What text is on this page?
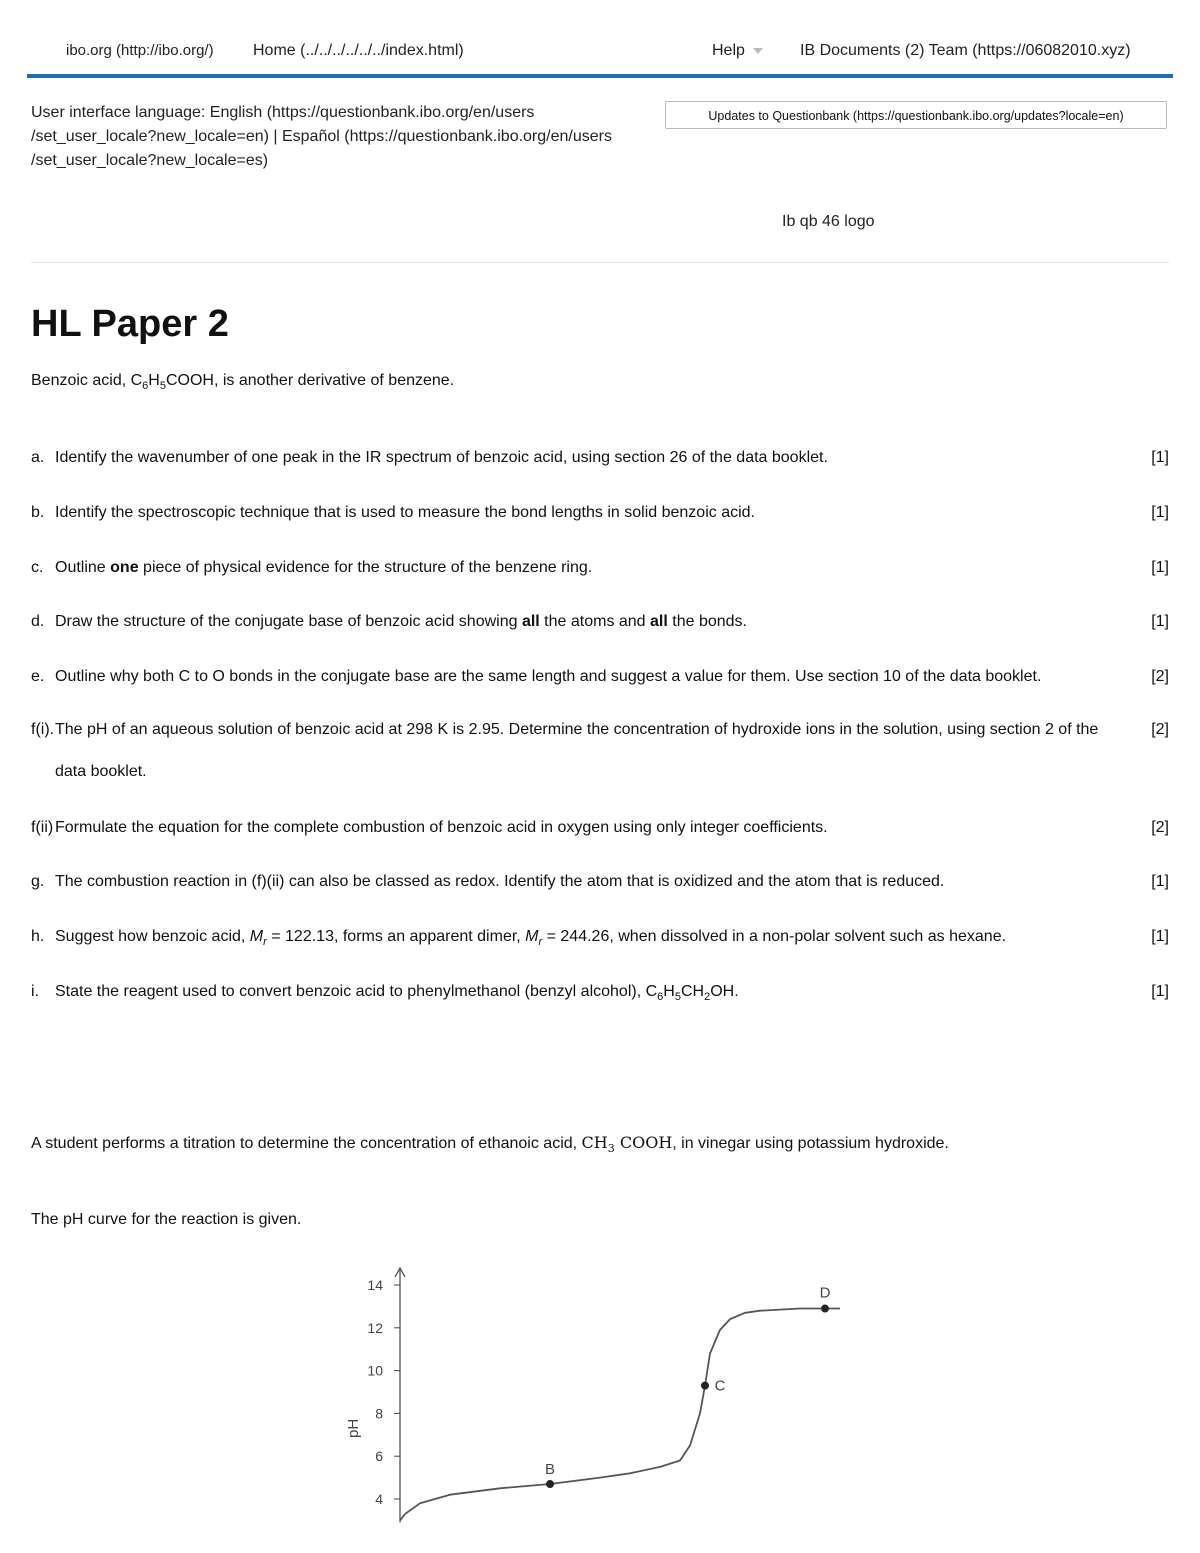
ibo.org (http://ibo.org/) Home (../../../../../../index.html)	Help	IB Documents (2) Team (https://06082010.xyz)
User interface language: English (https://questionbank.ibo.org/en/users
/set_user_locale?new_locale=en) | Español (https://questionbank.ibo.org/en/users
/set_user_locale?new_locale=es)
Updates to Questionbank (https://questionbank.ibo.org/updates?locale=en)
Ib qb 46 logo
HL Paper 2
Benzoic acid, $C_6H_5COOH$, is another derivative of benzene.
a. Identify the wavenumber of one peak in the IR spectrum of benzoic acid, using section 26 of the data booklet.	[1]
b. Identify the spectroscopic technique that is used to measure the bond lengths in solid benzoic acid.	[1]
c. Outline one piece of physical evidence for the structure of the benzene ring.	[1]
d. Draw the structure of the conjugate base of benzoic acid showing all the atoms and all the bonds.	[1]
e. Outline why both C to O bonds in the conjugate base are the same length and suggest a value for them. Use section 10 of the data booklet.	[2]
f(i). The pH of an aqueous solution of benzoic acid at 298 K is 2.95. Determine the concentration of hydroxide ions in the solution, using section 2 of the data booklet.
[2]
f(ii) Formulate the equation for the complete combustion of benzoic acid in oxygen using only integer coefficients.	[2]
g. The combustion reaction in (f)(ii) can also be classed as redox. Identify the atom that is oxidized and the atom that is reduced.	[1]
h. Suggest how benzoic acid, $M_r = 122.13$, forms an apparent dimer, $M_r = 244.26$, when dissolved in a non-polar solvent such as hexane.	[1]
i. State the reagent used to convert benzoic acid to phenylmethanol (benzyl alcohol), $C_6H_5CH_2OH$.	[1]
A student performs a titration to determine the concentration of ethanoic acid, $CH_3$ COOH, in vinegar using potassium hydroxide.
The pH curve for the reaction is given.
4
6
8
10
12
14
pH
B
C
D
